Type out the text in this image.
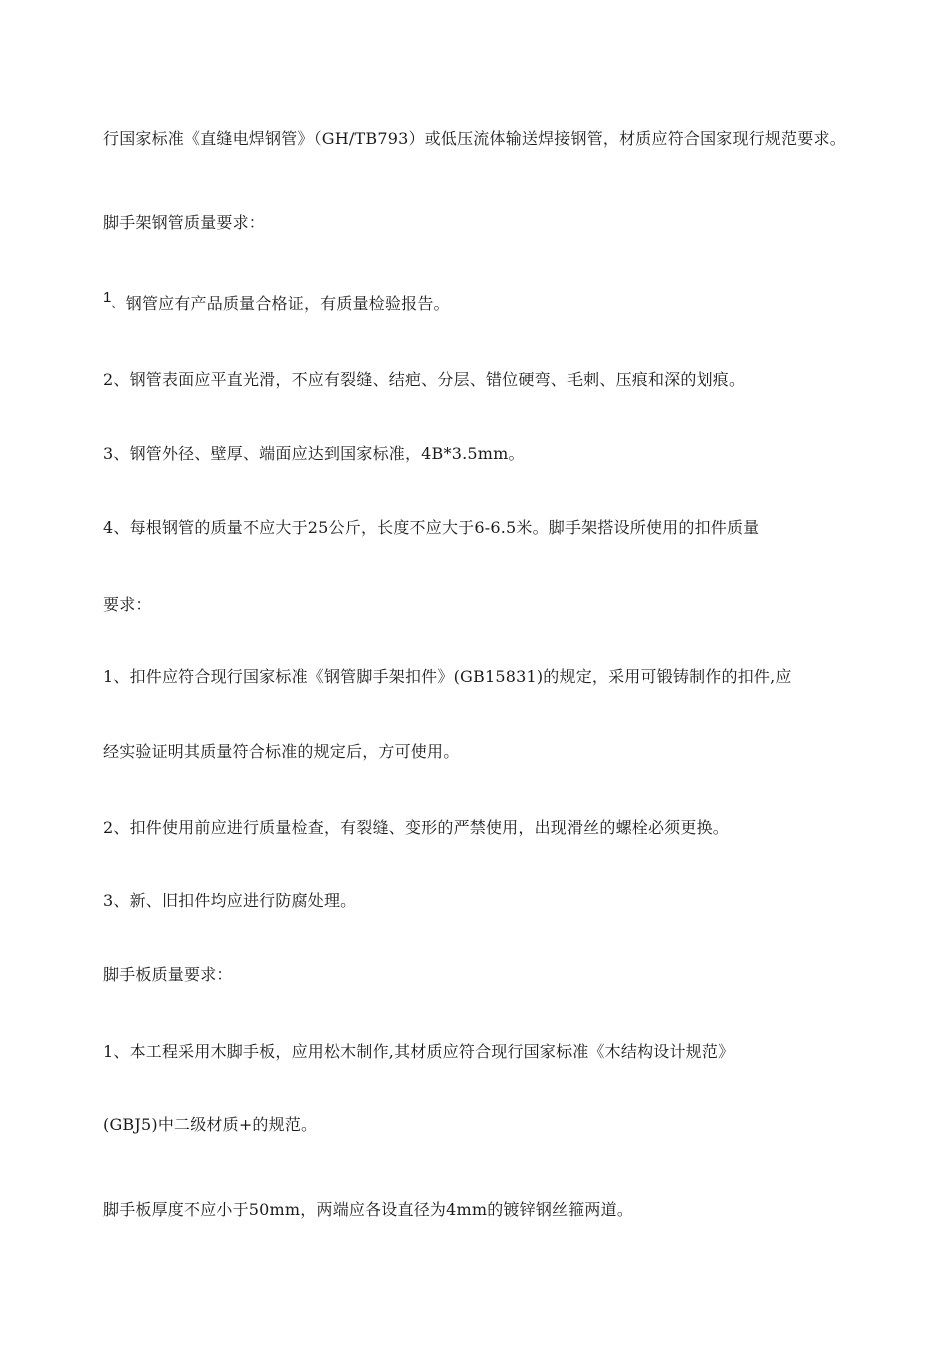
行国家标准《直缝电焊钢管》（GH/TB793）或低压流体输送焊接钢管，材质应符合国家现行规范要求。

脚手架钢管质量要求：

1、 钢管应有产品质量合格证，有质量检验报告。

2、钢管表面应平直光滑，不应有裂缝、结疤、分层、错位硬弯、毛刺、压痕和深的划痕。

3、钢管外径、壁厚、端面应达到国家标准，4B*3.5mm。

4、每根钢管的质量不应大于25公斤，长度不应大于6-6.5米。脚手架搭设所使用的扣件质量

要求：

1、扣件应符合现行国家标准《钢管脚手架扣件》(GB15831)的规定，采用可锻铸制作的扣件,应

经实验证明其质量符合标准的规定后，方可使用。

2、扣件使用前应进行质量检查，有裂缝、变形的严禁使用，出现滑丝的螺栓必须更换。

3、新、旧扣件均应进行防腐处理。

脚手板质量要求：

1、本工程采用木脚手板，应用松木制作,其材质应符合现行国家标准《木结构设计规范》

(GBJ5)中二级材质+的规范。

脚手板厚度不应小于50mm，两端应各设直径为4mm的镀锌钢丝箍两道。
